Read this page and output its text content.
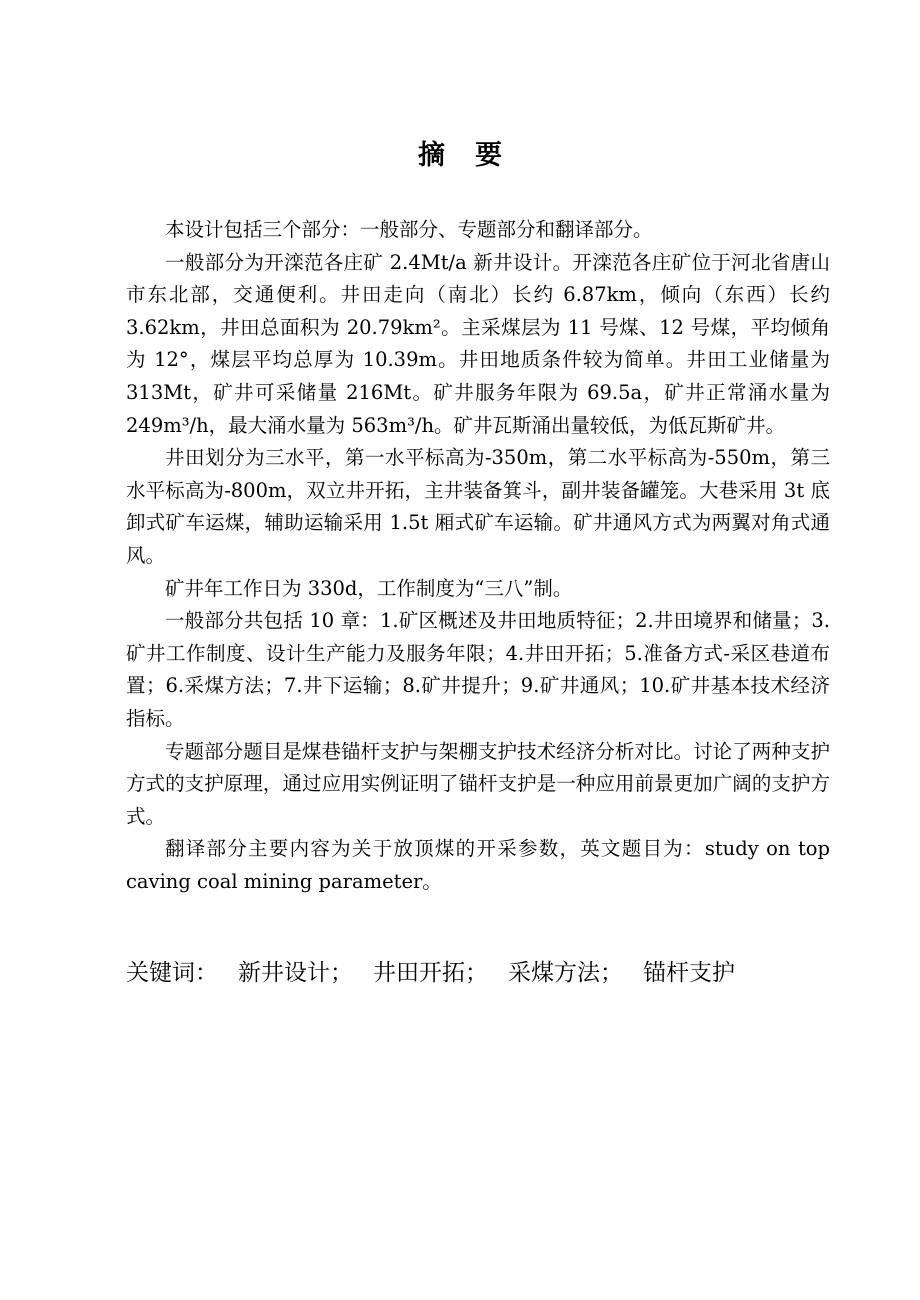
摘 要

本设计包括三个部分：一般部分、专题部分和翻译部分。

一般部分为开滦范各庄矿 2.4Mt/a 新井设计。开滦范各庄矿位于河北省唐山市东北部，交通便利。井田走向（南北）长约 6.87km，倾向（东西）长约 3.62km，井田总面积为 20.79km²。主采煤层为 11 号煤、12 号煤，平均倾角为 12°，煤层平均总厚为 10.39m。井田地质条件较为简单。井田工业储量为 313Mt，矿井可采储量 216Mt。矿井服务年限为 69.5a，矿井正常涌水量为 249m³/h，最大涌水量为 563m³/h。矿井瓦斯涌出量较低，为低瓦斯矿井。

井田划分为三水平，第一水平标高为-350m，第二水平标高为-550m，第三水平标高为-800m，双立井开拓，主井装备箕斗，副井装备罐笼。大巷采用 3t 底卸式矿车运煤，辅助运输采用 1.5t 厢式矿车运输。矿井通风方式为两翼对角式通风。

矿井年工作日为 330d，工作制度为“三八”制。

一般部分共包括 10 章：1.矿区概述及井田地质特征；2.井田境界和储量；3.矿井工作制度、设计生产能力及服务年限；4.井田开拓；5.准备方式-采区巷道布置；6.采煤方法；7.井下运输；8.矿井提升；9.矿井通风；10.矿井基本技术经济指标。

专题部分题目是煤巷锚杆支护与架棚支护技术经济分析对比。讨论了两种支护方式的支护原理，通过应用实例证明了锚杆支护是一种应用前景更加广阔的支护方式。

翻译部分主要内容为关于放顶煤的开采参数，英文题目为：study on top caving coal mining parameter。

关键词： 新井设计； 井田开拓； 采煤方法； 锚杆支护
